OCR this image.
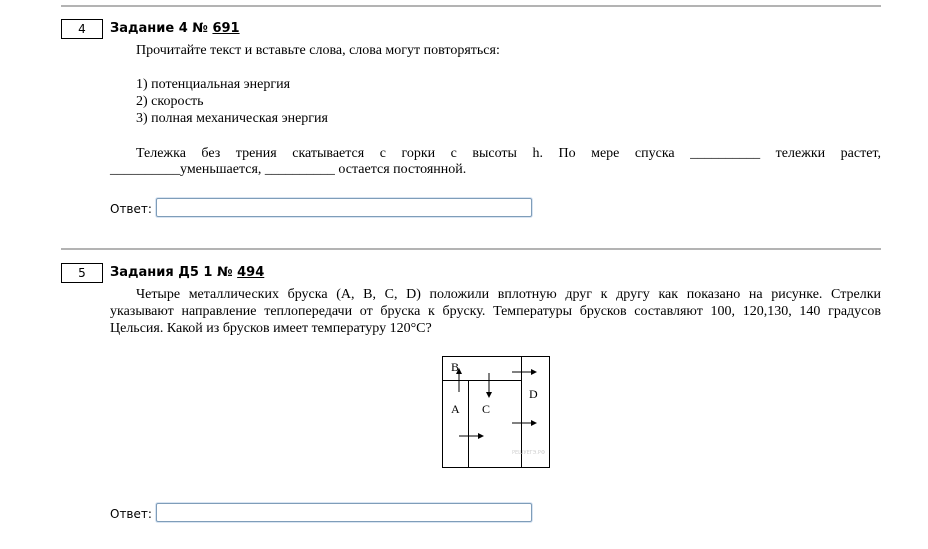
4	Задание 4 № 691
Прочитайте текст и вставьте слова, слова могут повторяться:
1) потенциальная энергия
2) скорость
3) полная механическая энергия
Тележка без трения скатывается с горки с высоты h. По мере спуска __________ тележки растет,
__________уменьшается, __________ остается постоянной.
Ответ:
5	Задания Д5 1 № 494
Четыре металлических бруска (A, B, C, D) положили вплотную друг к другу как показано на рисунке. Стрелки
указывают направление теплопередачи от бруска к бруску. Температуры брусков составляют 100, 120,130, 140 градусов
Цельсия. Какой из брусков имеет температуру 120°C?
B
A C
D
РЕШУЕГЭ.РФ
Ответ:
